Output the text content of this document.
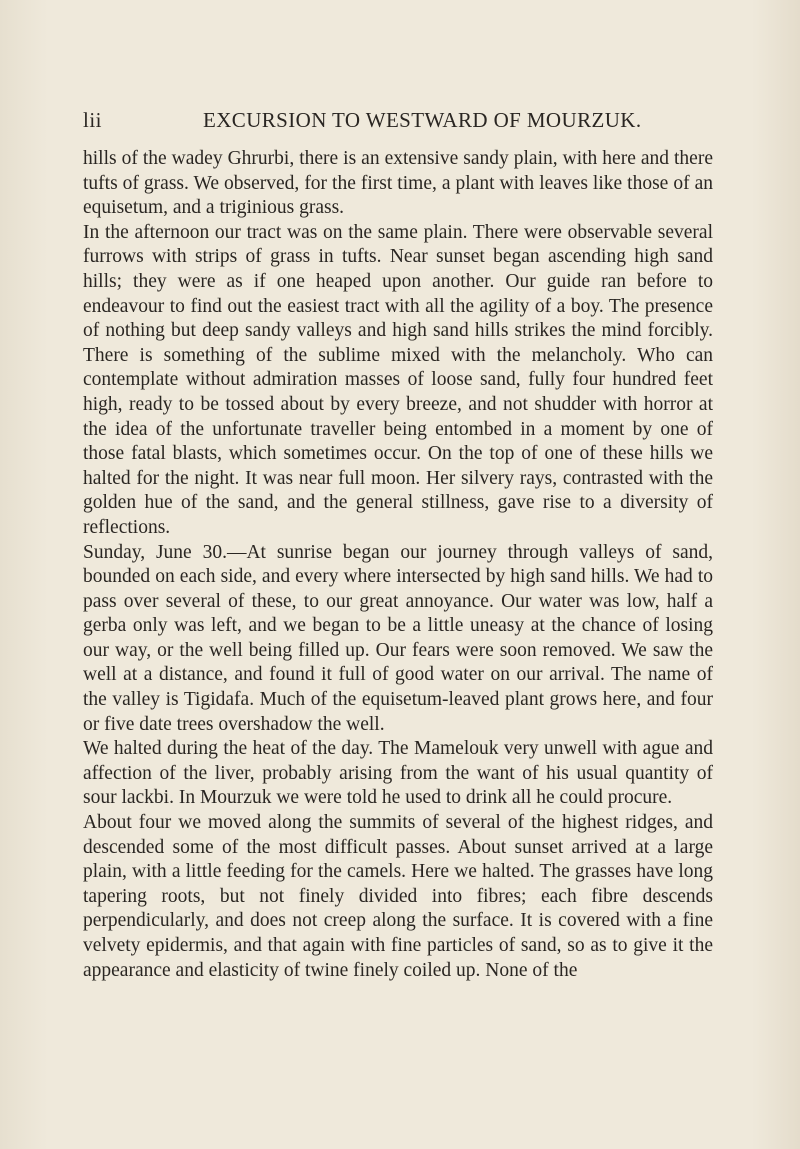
lii	EXCURSION TO WESTWARD OF MOURZUK.

hills of the wadey Ghrurbi, there is an extensive sandy plain, with here and there tufts of grass. We observed, for the first time, a plant with leaves like those of an equisetum, and a triginious grass.

In the afternoon our tract was on the same plain. There were observable several furrows with strips of grass in tufts. Near sunset began ascending high sand hills; they were as if one heaped upon another. Our guide ran before to endeavour to find out the easiest tract with all the agility of a boy. The presence of nothing but deep sandy valleys and high sand hills strikes the mind forcibly. There is something of the sublime mixed with the melancholy. Who can contemplate without admiration masses of loose sand, fully four hundred feet high, ready to be tossed about by every breeze, and not shudder with horror at the idea of the unfortunate traveller being entombed in a moment by one of those fatal blasts, which sometimes occur. On the top of one of these hills we halted for the night. It was near full moon. Her silvery rays, contrasted with the golden hue of the sand, and the general stillness, gave rise to a diversity of reflections.

Sunday, June 30.—At sunrise began our journey through valleys of sand, bounded on each side, and every where intersected by high sand hills. We had to pass over several of these, to our great annoyance. Our water was low, half a gerba only was left, and we began to be a little uneasy at the chance of losing our way, or the well being filled up. Our fears were soon removed. We saw the well at a distance, and found it full of good water on our arrival. The name of the valley is Tigidafa. Much of the equisetum-leaved plant grows here, and four or five date trees overshadow the well.

We halted during the heat of the day. The Mamelouk very unwell with ague and affection of the liver, probably arising from the want of his usual quantity of sour lackbi. In Mourzuk we were told he used to drink all he could procure.

About four we moved along the summits of several of the highest ridges, and descended some of the most difficult passes. About sunset arrived at a large plain, with a little feeding for the camels. Here we halted. The grasses have long tapering roots, but not finely divided into fibres; each fibre descends perpendicularly, and does not creep along the surface. It is covered with a fine velvety epidermis, and that again with fine particles of sand, so as to give it the appearance and elasticity of twine finely coiled up. None of the
